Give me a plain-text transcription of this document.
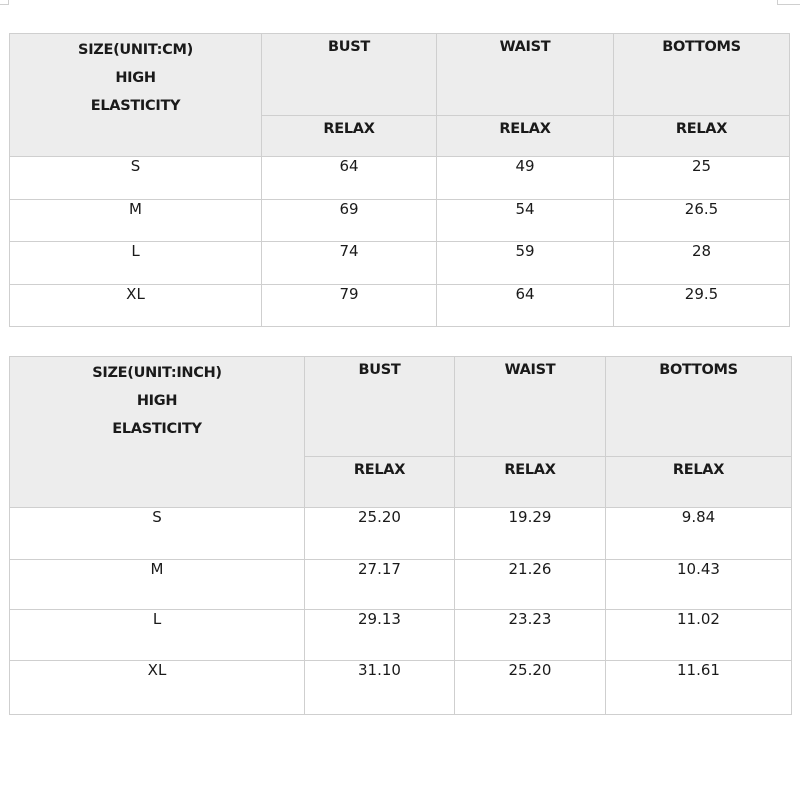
SIZE(UNIT:CM)
HIGH
ELASTICITY	BUST	WAIST	BOTTOMS
	RELAX	RELAX	RELAX
S	64	49	25
M	69	54	26.5
L	74	59	28
XL	79	64	29.5
SIZE(UNIT:INCH)
HIGH
ELASTICITY	BUST	WAIST	BOTTOMS
	RELAX	RELAX	RELAX
S	25.20	19.29	9.84
M	27.17	21.26	10.43
L	29.13	23.23	11.02
XL	31.10	25.20	11.61
